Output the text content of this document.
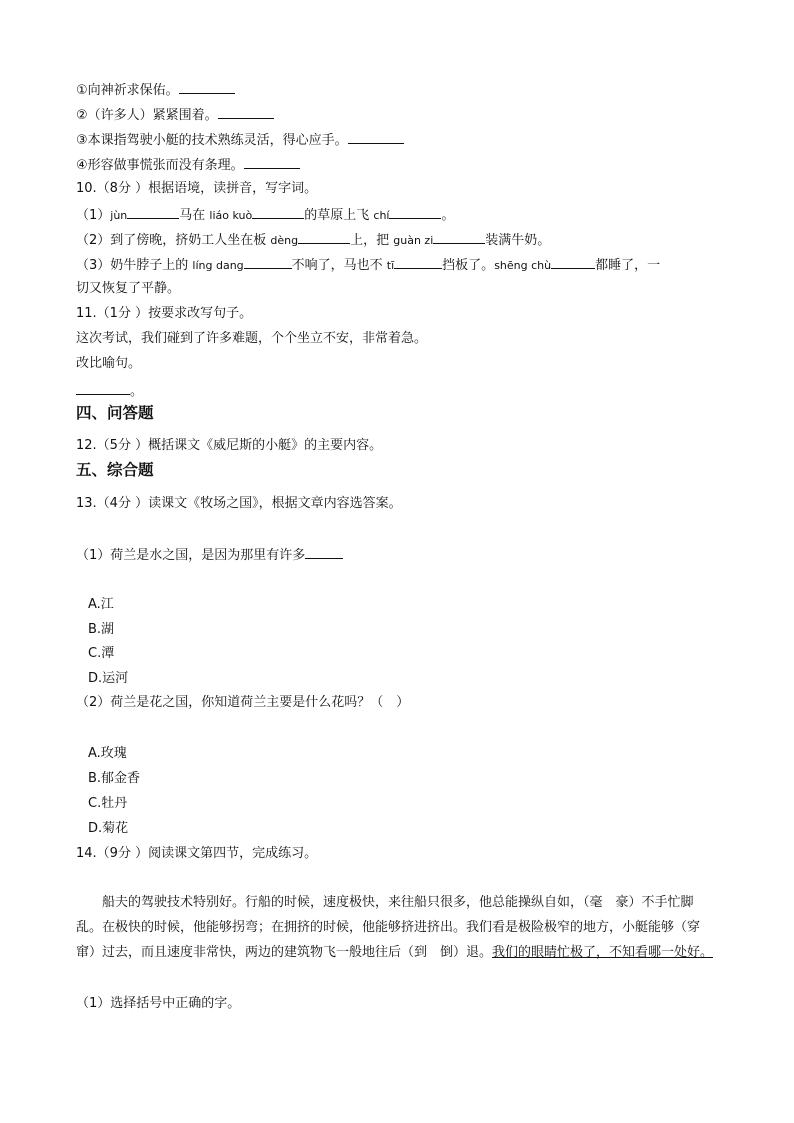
①向神祈求保佑。
②（许多人）紧紧围着。
③本课指驾驶小艇的技术熟练灵活，得心应手。
④形容做事慌张而没有条理。
10.（8分 ）根据语境，读拼音，写字词。
（1）jùn	马在 liáo kuò	的草原上飞 chí	。
（2）到了傍晚，挤奶工人坐在板 dèng	上，把 guàn zi	装满牛奶。
（3）奶牛脖子上的 líng dang	不响了，马也不 tī	挡板了。shēng chù	都睡了，一
切又恢复了平静。
11.（1分 ）按要求改写句子。
这次考试，我们碰到了许多难题，个个坐立不安，非常着急。
改比喻句。
。
四、问答题
12.（5分 ）概括课文《威尼斯的小艇》的主要内容。
五、综合题
13.（4分 ）读课文《牧场之国》，根据文章内容选答案。
（1）荷兰是水之国，是因为那里有许多
A.江
B.湖
C.潭
D.运河
（2）荷兰是花之国，你知道荷兰主要是什么花吗？（　）
A.玫瑰
B.郁金香
C.牡丹
D.菊花
14.（9分 ）阅读课文第四节，完成练习。
船夫的驾驶技术特别好。行船的时候，速度极快，来往船只很多，他总能操纵自如，（毫　豪）不手忙脚乱。在极快的时候，他能够拐弯；在拥挤的时候，他能够挤进挤出。我们看是极险极窄的地方，小艇能够（穿　窜）过去，而且速度非常快，两边的建筑物飞一般地往后（到　倒）退。我们的眼睛忙极了，不知看哪一处好。
（1）选择括号中正确的字。
